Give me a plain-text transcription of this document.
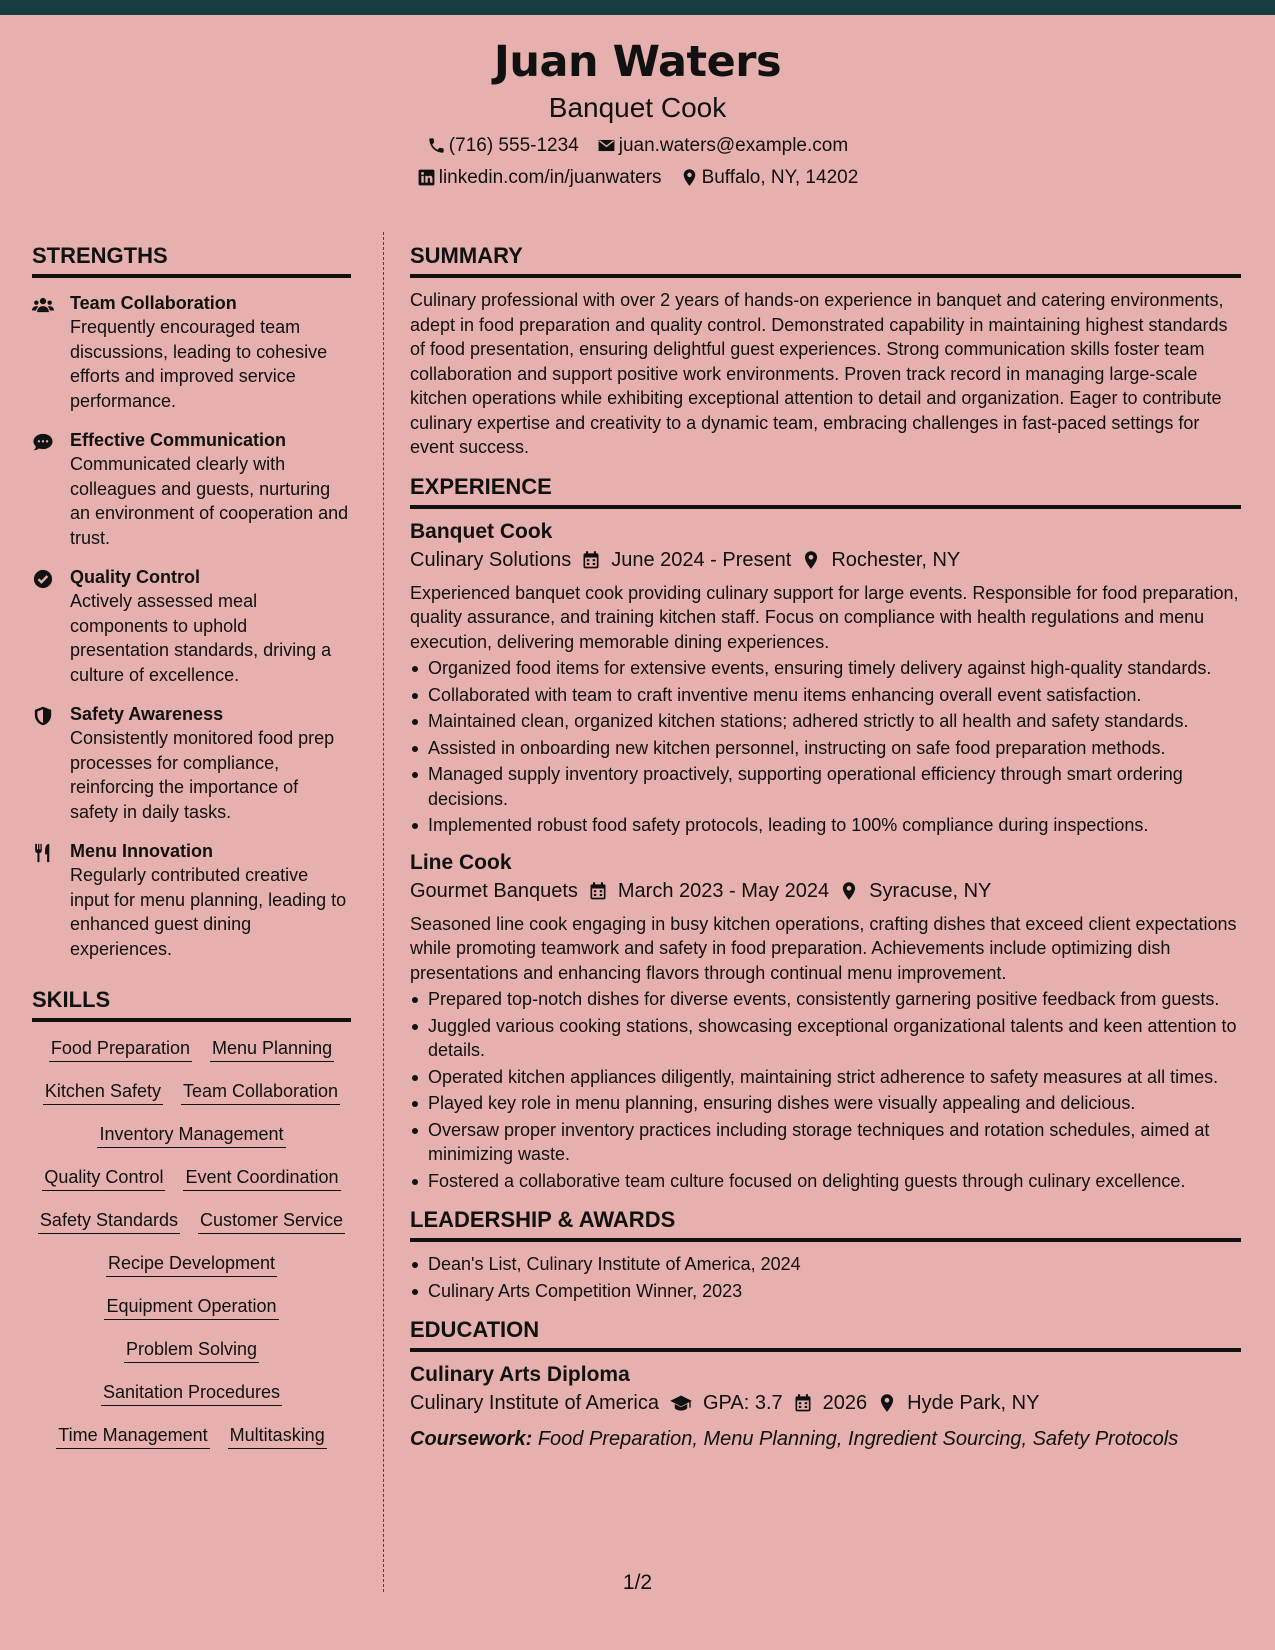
Juan Waters
Banquet Cook
(716) 555-1234 juan.waters@example.com
linkedin.com/in/juanwaters Buffalo, NY, 14202
STRENGTHS
Team Collaboration
Frequently encouraged team discussions, leading to cohesive efforts and improved service performance.
Effective Communication
Communicated clearly with colleagues and guests, nurturing an environment of cooperation and trust.
Quality Control
Actively assessed meal components to uphold presentation standards, driving a culture of excellence.
Safety Awareness
Consistently monitored food prep processes for compliance, reinforcing the importance of safety in daily tasks.
Menu Innovation
Regularly contributed creative input for menu planning, leading to enhanced guest dining experiences.
SKILLS
Food Preparation Menu Planning
Kitchen Safety Team Collaboration
Inventory Management
Quality Control Event Coordination
Safety Standards Customer Service
Recipe Development
Equipment Operation
Problem Solving
Sanitation Procedures
Time Management Multitasking
SUMMARY

Culinary professional with over 2 years of hands-on experience in banquet and catering environments, adept in food preparation and quality control. Demonstrated capability in maintaining highest standards of food presentation, ensuring delightful guest experiences. Strong communication skills foster team collaboration and support positive work environments. Proven track record in managing large-scale kitchen operations while exhibiting exceptional attention to detail and organization. Eager to contribute culinary expertise and creativity to a dynamic team, embracing challenges in fast-paced settings for event success.

EXPERIENCE
Banquet Cook
Culinary Solutions June 2024 - Present Rochester, NY

Experienced banquet cook providing culinary support for large events. Responsible for food preparation, quality assurance, and training kitchen staff. Focus on compliance with health regulations and menu execution, delivering memorable dining experiences.

Organized food items for extensive events, ensuring timely delivery against high-quality standards.
Collaborated with team to craft inventive menu items enhancing overall event satisfaction.
Maintained clean, organized kitchen stations; adhered strictly to all health and safety standards.
Assisted in onboarding new kitchen personnel, instructing on safe food preparation methods.
Managed supply inventory proactively, supporting operational efficiency through smart ordering decisions.
Implemented robust food safety protocols, leading to 100% compliance during inspections.
Line Cook
Gourmet Banquets March 2023 - May 2024 Syracuse, NY

Seasoned line cook engaging in busy kitchen operations, crafting dishes that exceed client expectations while promoting teamwork and safety in food preparation. Achievements include optimizing dish presentations and enhancing flavors through continual menu improvement.

Prepared top-notch dishes for diverse events, consistently garnering positive feedback from guests.
Juggled various cooking stations, showcasing exceptional organizational talents and keen attention to details.
Operated kitchen appliances diligently, maintaining strict adherence to safety measures at all times.
Played key role in menu planning, ensuring dishes were visually appealing and delicious.
Oversaw proper inventory practices including storage techniques and rotation schedules, aimed at minimizing waste.
Fostered a collaborative team culture focused on delighting guests through culinary excellence.
LEADERSHIP & AWARDS
Dean's List, Culinary Institute of America, 2024
Culinary Arts Competition Winner, 2023
EDUCATION
Culinary Arts Diploma
Culinary Institute of America GPA: 3.7 2026 Hyde Park, NY
Coursework: Food Preparation, Menu Planning, Ingredient Sourcing, Safety Protocols
1/2
